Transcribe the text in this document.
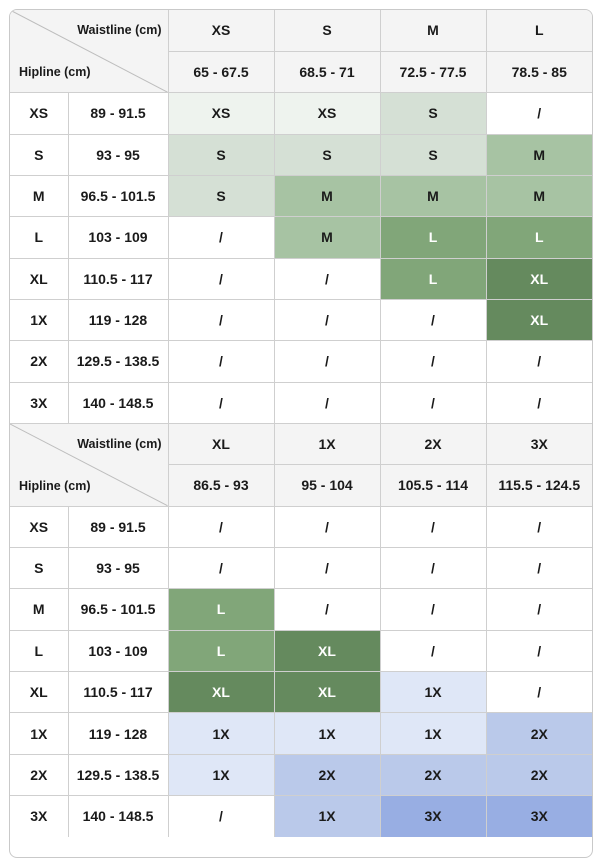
Waistline (cm)
Hipline (cm)		XS	S	M	L
		65 - 67.5	68.5 - 71	72.5 - 77.5	78.5 - 85
XS	89 - 91.5	XS	XS	S	/
S	93 - 95	S	S	S	M
M	96.5 - 101.5	S	M	M	M
L	103 - 109	/	M	L	L
XL	110.5 - 117	/	/	L	XL
1X	119 - 128	/	/	/	XL
2X	129.5 - 138.5	/	/	/	/
3X	140 - 148.5	/	/	/	/

Waistline (cm)
Hipline (cm)		XL	1X	2X	3X
		86.5 - 93	95 - 104	105.5 - 114	115.5 - 124.5
XS	89 - 91.5	/	/	/	/
S	93 - 95	/	/	/	/
M	96.5 - 101.5	L	/	/	/
L	103 - 109	L	XL	/	/
XL	110.5 - 117	XL	XL	1X	/
1X	119 - 128	1X	1X	1X	2X
2X	129.5 - 138.5	1X	2X	2X	2X
3X	140 - 148.5	/	1X	3X	3X
